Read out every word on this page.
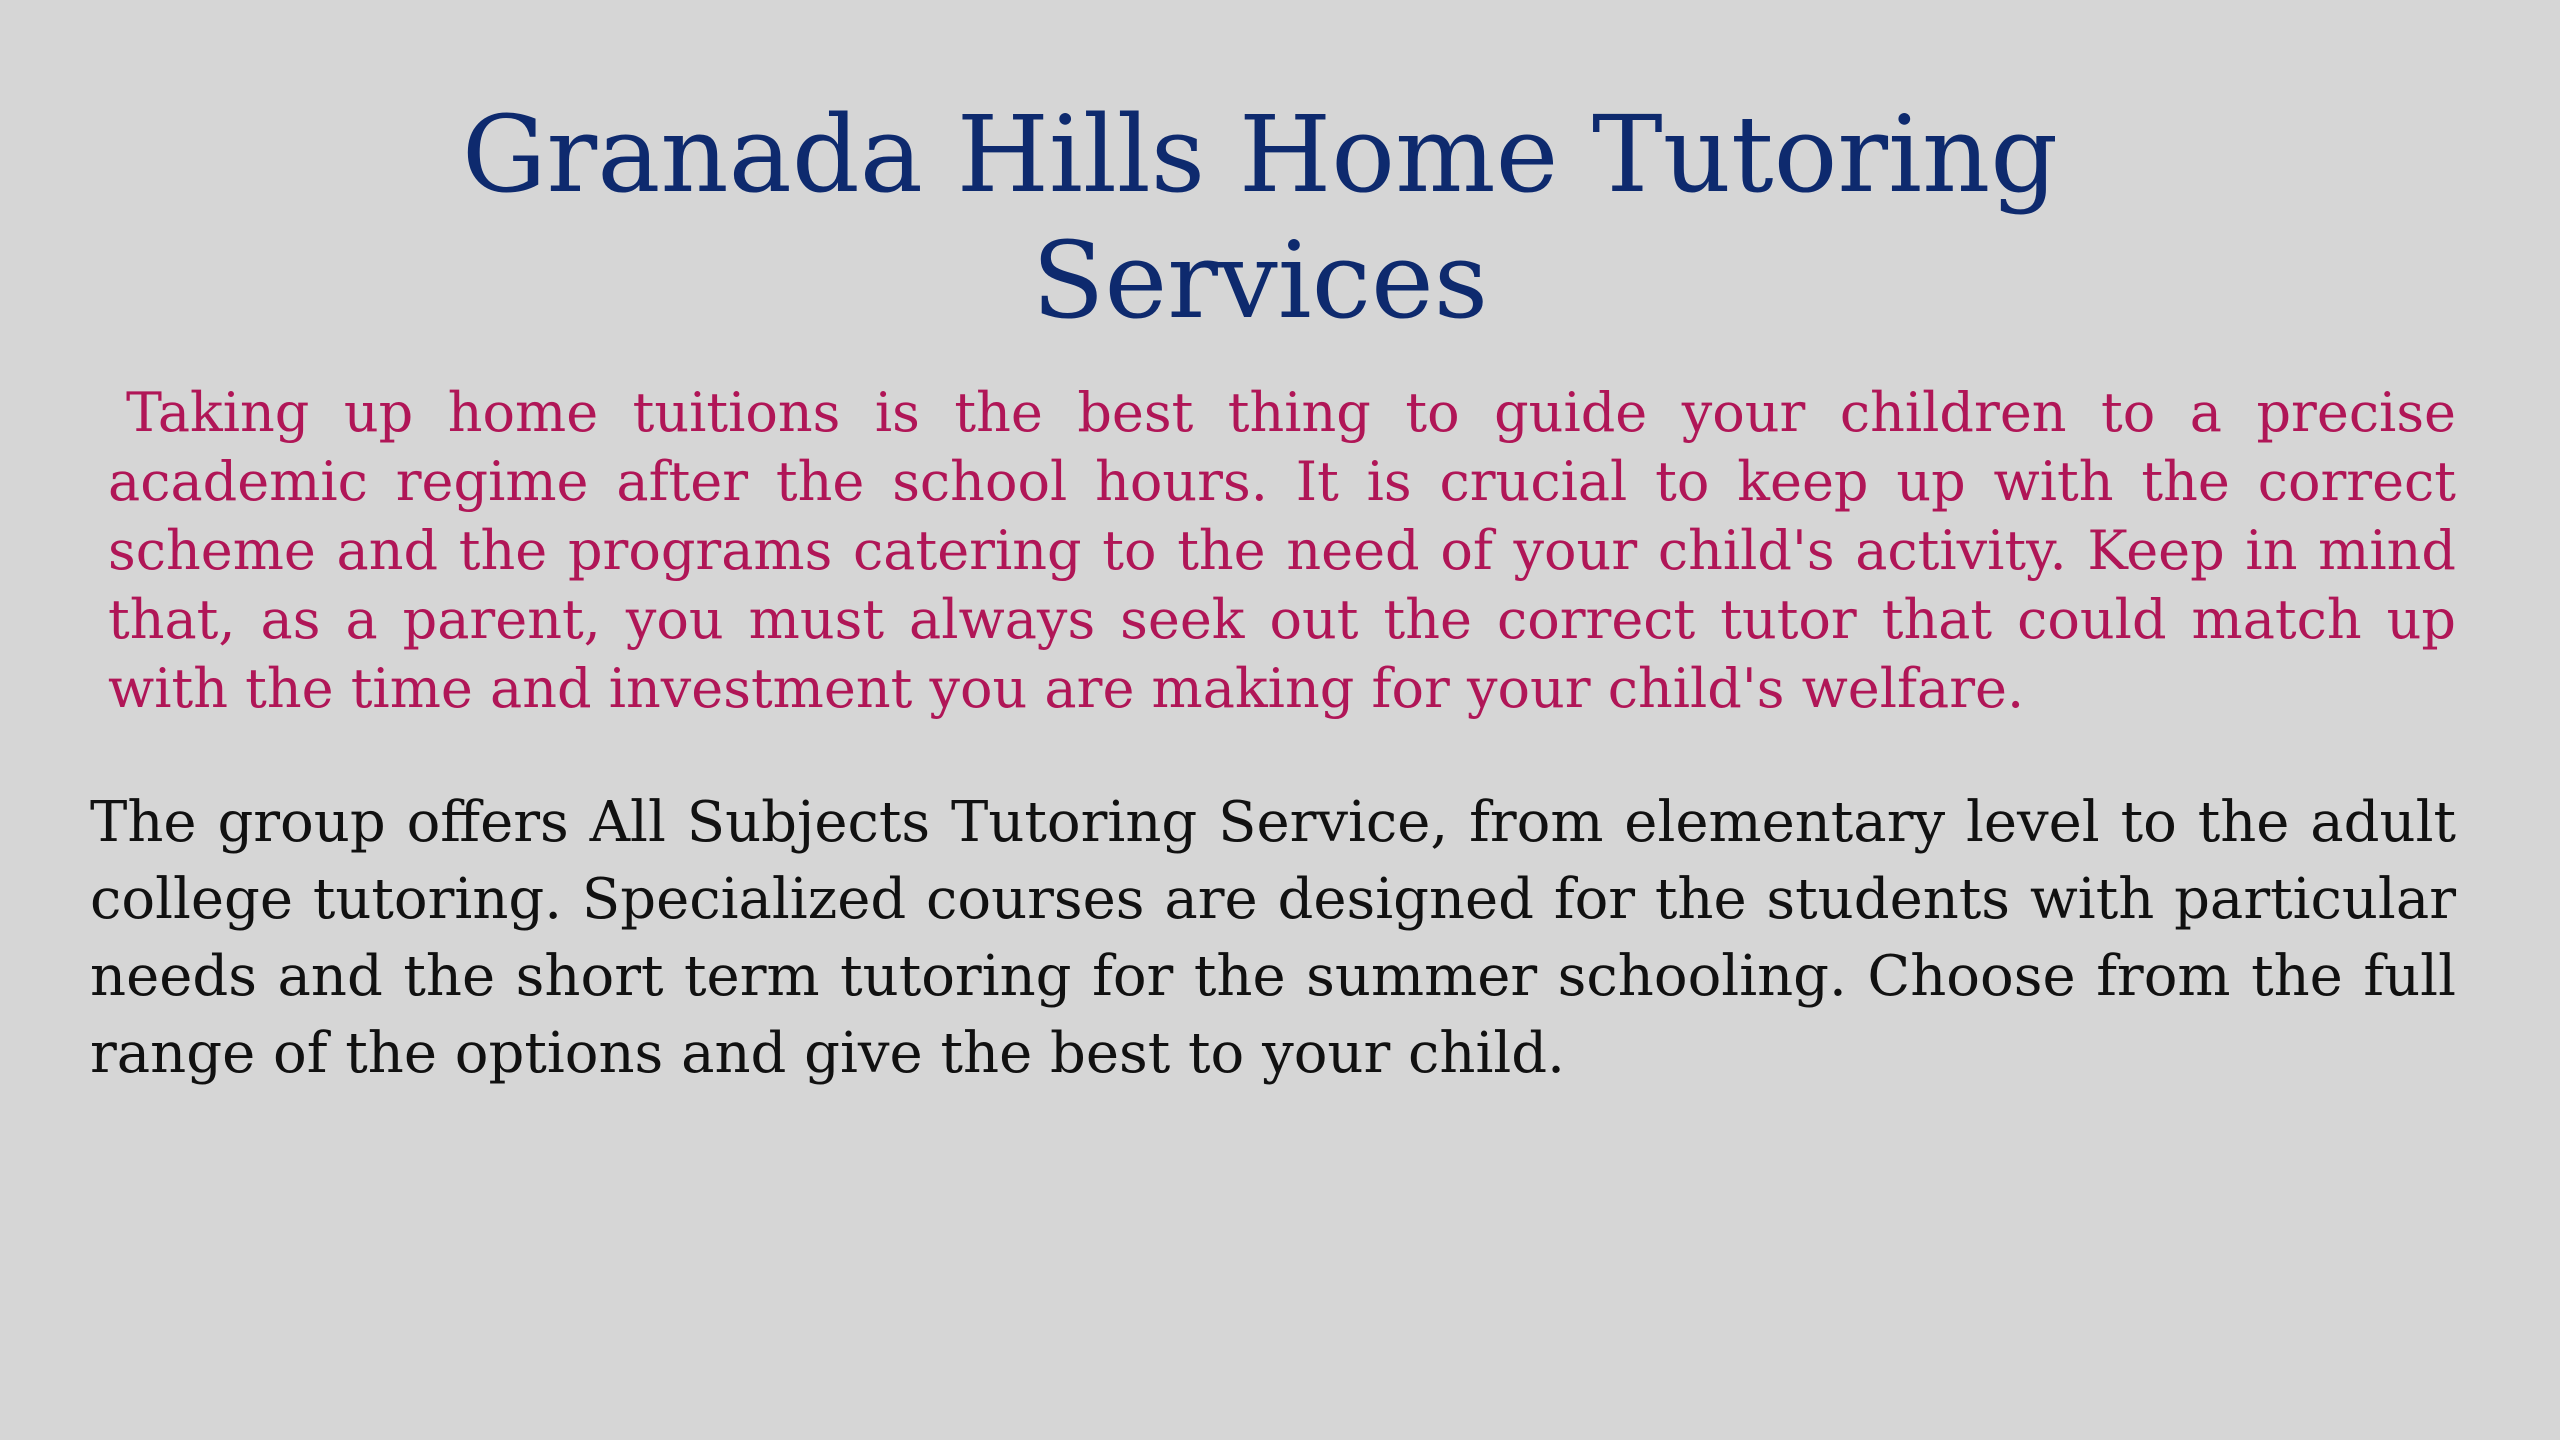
Granada Hills Home Tutoring Services

Taking up home tuitions is the best thing to guide your children to a precise academic regime after the school hours. It is crucial to keep up with the correct scheme and the programs catering to the need of your child's activity. Keep in mind that, as a parent, you must always seek out the correct tutor that could match up with the time and investment you are making for your child's welfare.

The group offers All Subjects Tutoring Service, from elementary level to the adult college tutoring. Specialized courses are designed for the students with particular needs and the short term tutoring for the summer schooling. Choose from the full range of the options and give the best to your child.
